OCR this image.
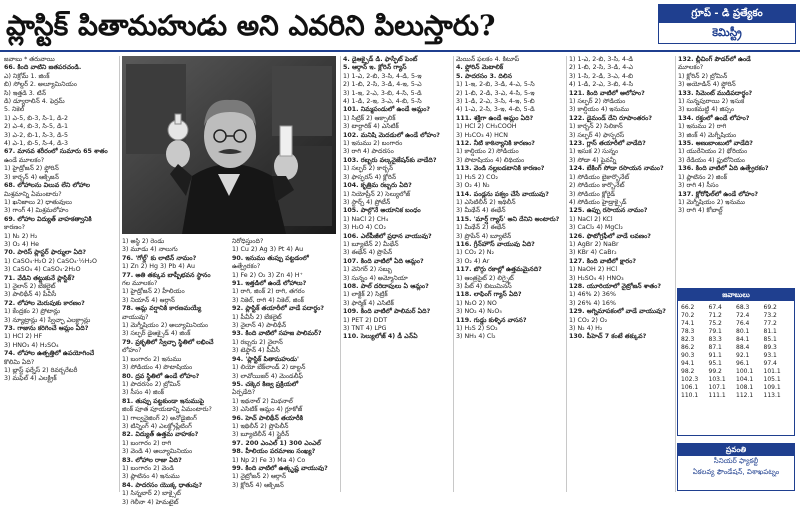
ప్లాస్టిక్ పితామహుడు అని ఎవరిని పిలుస్తారు?	గ్రూప్ - డి ప్రత్యేకం
కెమిస్ట్రీ

జవాబు * తరువాయి

66. కింది వాటిని జతపరచండి.

ఎ) నిక్రోమ్ 1. జింక్

బి) సోల్డర్ 2. అల్యూమినియం

సి) ఇత్తడి 3. టిన్

డి) డ్యూరాలిన్ 4. ఫెర్రమ్

5. నికెల్

1) ఎ-5, బి-3, సి-1, డి-2

2) ఎ-4, బి-3, సి-5, డి-1

3) ఎ-2, బి-1, సి-3, డి-5

4) ఎ-1, బి-5, సి-4, డి-3

67. మానవ శరీరంలో సుమారు 65 శాతం

ఉండే మూలకం?

1) హైడ్రోజన్ 2) ఫ్లోరిన్

3) కార్బన్ 4) ఆక్సిజన్

68. లోహాలను విలువ లేని లోహాల

మిశ్రమాన్ని ఏమంటారు?

1) ఖనిజాలు 2) ధాతువులు

3) గాంగ్ 4) మిశ్రమలోహం

69. లోహాల విద్యుత్ వాహకత్వానికి

కారణం?

1) N₂ 2) H₂

3) O₂ 4) He

70. పారిస్ ప్లాస్టర్ ఫార్ములా ఏది?

1) CaSO₄·H₂O 2) CaSO₄·½H₂O

3) CaSO₄ 4) CaSO₄·2H₂O

71. వేడిని తట్టుకునే ప్లాస్టిక్?

1) నైలాన్ 2) బేకలైట్

3) పాలిథీన్ 4) పీవీసీ

72. లోహాల మెరుపుకు కారణం?

1) కేంద్రకం 2) ప్రోటాన్లు

3) న్యూట్రాన్లు 4) స్వేచ్ఛా ఎలక్ట్రాన్లు

73. గాజును కరిగించే ఆమ్లం ఏది?

1) HCl 2) HF

3) HNO₃ 4) H₂SO₄

74. లోహాల ఉత్పత్తిలో ఉపయోగించే

కొలిమి ఏది?

1) బ్లాస్ట్ ఫర్నేస్ 2) రివర్బరేటరీ

3) మఫిల్ 4) ఎలక్ట్రిక్

1) అస్థి 2) రెండు

3) మూడు 4) నాలుగు

76. 'గోల్డ్' కు లాటిన్ నామం?

1) Zn 2) Hg 3) Pb 4) Au

77. అతి తక్కువ బాష్పీభవన స్థానం

గల మూలకం?

1) హైడ్రోజన్ 2) హీలియం

3) నియాన్ 4) ఆర్గాన్

78. ఆమ్ల వర్షానికి కారణమయ్యే

వాయువు?

1) మెగ్నీషియం 2) అల్యూమినియం

3) సల్ఫర్ డైఆక్సైడ్ 4) జింక్

79. ప్రకృతిలో స్వేచ్ఛా స్థితిలో లభించే

లోహం?

1) బంగారం 2) ఇనుము

3) సోడియం 4) పొటాషియం

80. ద్రవ స్థితిలో ఉండే లోహం?

1) పాదరసం 2) బ్రోమిన్

3) సీసం 4) జింక్

81. తుప్పు పట్టకుండా ఇనుముపై

జింక్ పూత పూయడాన్ని ఏమంటారు?

1) గాల్వనైజింగ్ 2) అనోడైజింగ్

3) టిన్నింగ్ 4) ఎలక్ట్రోప్లేటింగ్

82. విద్యుత్ ఉత్తమ వాహకం?

1) బంగారం 2) రాగి

3) వెండి 4) అల్యూమినియం

83. లోహాల రాజు ఏది?

1) బంగారం 2) వెండి

3) ప్లాటినం 4) ఇనుము

84. పాదరసం యొక్క ధాతువు?

1) సిన్నబార్ 2) బాక్సైట్

3) గెలీనా 4) హెమటైట్

నిరోధిస్తుంది?

1) Cu 2) Ag 3) Pt 4) Au

90. ఇనుము తుప్పు పట్టడంలో

ఉత్ప్రేరకం?

1) Fe 2) O₂ 3) Zn 4) H⁺

91. ఇత్తడిలో ఉండే లోహాలు?

1) రాగి, జింక్ 2) రాగి, తగరం

3) నికెల్, రాగి 4) నికెల్, జింక్

92. ప్లాస్టిక్ తయారీలో వాడే పదార్థం?

1) పీవీసీ 2) బేకలైట్

3) నైలాన్ 4) పాలిథీన్

93. కింది వాటిలో సహజ పాలిమర్?

1) రబ్బరు 2) నైలాన్

3) టెఫ్లాన్ 4) పీవీసీ

94. 'ప్లాస్టిక్ పితామహుడు'

1) లియో బేక్‌లాండ్ 2) డాల్టన్

3) లావోయిజర్ 4) మెండలీఫ్

95. చక్కెర కిణ్వ ప్రక్రియలో

ఏర్పడేది?

1) ఇథనాల్ 2) మిథనాల్

3) ఎసిటిక్ ఆమ్లం 4) గ్లూకోజ్

96. హెచ్ పాలిథీన్ తయారీకి

1) ఇథిలీన్ 2) ప్రొపిలీన్

3) బ్యూటిలీన్ 4) స్టైరీన్

97. 200 ఎంఎల్ 1) 300 ఎంఎల్

98. హీలియం పరమాణు సంఖ్య?

1) Np 2) Fe 3) Ma 4) Co

99. కింది వాటిలో ఉత్కృష్ట వాయువు?

1) నైట్రోజన్ 2) ఆర్గాన్

3) క్లోరిన్ 4) ఆక్సిజన్

4. డైఆక్సైడ్ డి. ఫాస్ఫేట్ పెంట్

5. ఆర్గాన్ ఇ. క్లోరిన్ గ్యాస్

1) 1-ఎ, 2-బి, 3-సి, 4-డి, 5-ఇ

2) 1-బి, 2-సి, 3-డి, 4-ఇ, 5-ఎ

3) 1-ఇ, 2-ఎ, 3-బి, 4-సి, 5-డి

4) 1-డి, 2-ఇ, 3-ఎ, 4-బి, 5-సి

101. నిమ్మపండులో ఉండే ఆమ్లం?

1) సిట్రిక్ 2) ఆక్సాలిక్

3) టార్టారిక్ 4) ఎసిటిక్

102. మనిషి మెదడులో ఉండే లోహం?

1) ఇనుము 2) బంగారం

3) రాగి 4) పాదరసం

103. రబ్బరు వల్కనైజేషన్‌కు వాడేది?

1) సల్ఫర్ 2) కార్బన్

3) ఫాస్ఫరస్ 4) క్లోరిన్

104. కృత్రిమ రబ్బరు ఏది?

1) నియోప్రీన్ 2) సెల్యులోజ్

3) స్టార్చ్ 4) ప్రోటీన్

105. పాల్గొనే అయానిక బంధం

1) NaCl 2) CH₄

3) H₂O 4) CO₂

106. ఎల్‌పీజీలో ప్రధాన వాయువు?

1) బ్యూటేన్ 2) మీథేన్

3) ఈథేన్ 4) ప్రొపేన్

107. కింది వాటిలో ఏది ఆమ్లం?

1) వెనిగర్ 2) సబ్బు

3) సున్నం 4) అమ్మోనియా

108. పాల్ దరిదాపులు ఏ ఆమ్లం?

1) లాక్టిక్ 2) సిట్రిక్

3) ఫార్మిక్ 4) ఎసిటిక్

109. కింది వాటిలో పాలిమర్ ఏది?

1) PET 2) DDT

3) TNT 4) LPG

110. సెల్యులోజ్ 4) డీ ఎన్ఏ

మెయిన్ ఫలకం 4. కిటూప్

4. ఫ్లోరిన్ మెటాలిక్

5. పాదరసం 3. దిలిన

1) 1-ఇ, 2-బి, 3-డి, 4-ఎ, 5-సి

2) 1-బి, 2-డి, 3-ఎ, 4-సి, 5-ఇ

3) 1-డి, 2-ఎ, 3-సి, 4-ఇ, 5-బి

4) 1-ఎ, 2-సి, 3-ఇ, 4-బి, 5-డి

111. శక్తిగా ఉండే ఆమ్లం ఏది?

1) HCl 2) CH₃COOH

3) H₂CO₃ 4) HCN

112. నీటి కాఠిన్యానికి కారణం?

1) కాల్షియం 2) సోడియం

3) పొటాషియం 4) లిథియం

113. వెండి నల్లబడటానికి కారణం?

1) H₂S 2) CO₂

3) O₂ 4) N₂

114. పండ్లను పక్వం చేసే వాయువు?

1) ఎసిటిలీన్ 2) ఇథిలీన్

3) మీథేన్ 4) ఈథేన్

115. 'మార్ష్ గ్యాస్' అని దేనిని అంటారు?

1) మీథేన్ 2) ఈథేన్

3) ప్రొపేన్ 4) బ్యూటేన్

116. గ్రీన్‌హౌస్ వాయువు ఏది?

1) CO₂ 2) N₂

3) O₂ 4) Ar

117. బొగ్గు రకాల్లో ఉత్తమమైనది?

1) ఆంత్రసైట్ 2) లిగ్నైట్

3) పీట్ 4) బిటుమినస్

118. లాఫింగ్ గ్యాస్ ఏది?

1) N₂O 2) NO

3) NO₂ 4) N₂O₅

119. గుడ్డు కుళ్ళిన వాసన?

1) H₂S 2) SO₂

3) NH₃ 4) Cl₂

1) 1-ఎ, 2-బి, 3-సి, 4-డి

2) 1-బి, 2-సి, 3-డి, 4-ఎ

3) 1-సి, 2-డి, 3-ఎ, 4-బి

4) 1-డి, 2-ఎ, 3-బి, 4-సి

121. కింది వాటిలో అలోహం?

1) సల్ఫర్ 2) సోడియం

3) కాల్షియం 4) ఇనుము

122. డైమండ్ దేని రూపాంతరం?

1) కార్బన్ 2) సిలికాన్

3) సల్ఫర్ 4) ఫాస్ఫరస్

123. గ్లాస్ తయారీలో వాడేది?

1) ఇసుక 2) సున్నం

3) సోడా 4) పైవన్నీ

124. బేకింగ్ సోడా రసాయన నామం?

1) సోడియం బైకార్బొనేట్

2) సోడియం కార్బొనేట్

3) సోడియం క్లోరైడ్

4) సోడియం హైడ్రాక్సైడ్

125. ఉప్పు రసాయన నామం?

1) NaCl 2) KCl

3) CaCl₂ 4) MgCl₂

126. ఫొటోగ్రఫీలో వాడే లవణం?

1) AgBr 2) NaBr

3) KBr 4) CaBr₂

127. కింది వాటిలో క్షారం?

1) NaOH 2) HCl

3) H₂SO₄ 4) HNO₃

128. యూరియాలో నైట్రోజన్ శాతం?

1) 46% 2) 36%

3) 26% 4) 16%

129. అగ్నిమాపకంలో వాడే వాయువు?

1) CO₂ 2) O₂

3) N₂ 4) H₂

130. పీహెచ్ 7 కంటే తక్కువ?

132. బ్లీచింగ్ పౌడర్‌లో ఉండే

మూలకం?

1) క్లోరిన్ 2) బ్రోమిన్

3) అయోడిన్ 4) ఫ్లోరిన్

133. సిమెంట్ ముడిపదార్థం?

1) సున్నపురాయి 2) ఇసుక

3) బంకమట్టి 4) జిప్సం

134. రక్తంలో ఉండే లోహం?

1) ఇనుము 2) రాగి

3) జింక్ 4) మెగ్నీషియం

135. అణుబాంబులో వాడేది?

1) యురేనియం 2) థోరియం

3) రేడియం 4) ప్లుటోనియం

136. కింది వాటిలో ఏది ఉత్ప్రేరకం?

1) ప్లాటినం 2) జింక్

3) రాగి 4) సీసం

137. క్లోరోఫిల్‌లో ఉండే లోహం?

1) మెగ్నీషియం 2) ఇనుము

3) రాగి 4) కోబాల్ట్

జవాబులు
66.2	67.4	68.3	69.2
70.2	71.2	72.4	73.2
74.1	75.2	76.4	77.2
78.3	79.1	80.1	81.1
82.3	83.3	84.1	85.1
86.2	87.1	88.4	89.3
90.3	91.1	92.1	93.1
94.1	95.1	96.1	97.4
98.2	99.2	100.1	101.1
102.3	103.1	104.1	105.1
106.1	107.1	108.1	109.1
110.1	111.1	112.1	113.1
ప్రవంతి
సీనియర్ ఫ్యాకల్టీ
ఏకలవ్య ఫౌండేషన్, విశాఖపట్నం
